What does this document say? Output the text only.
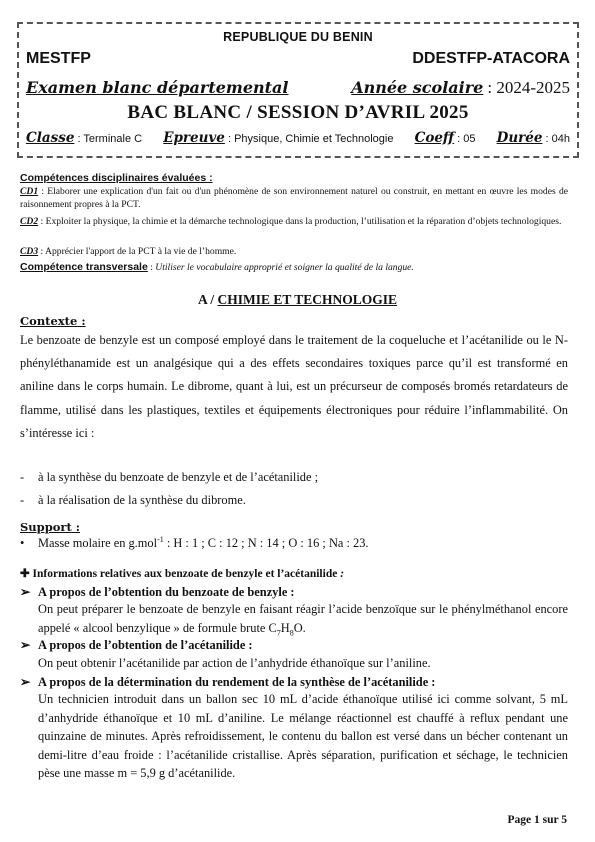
REPUBLIQUE DU BENIN
MESTFP	DDESTFP-ATACORA
Examen blanc départemental	Année scolaire : 2024-2025
BAC BLANC / SESSION D’AVRIL 2025
Classe : Terminale C Epreuve : Physique, Chimie et Technologie Coeff : 05 Durée : 04h
Compétences disciplinaires évaluées :
CD1 : Elaborer une explication d'un fait ou d'un phénomène de son environnement naturel ou construit, en mettant en œuvre les modes de raisonnement propres à la PCT.
CD2 : Exploiter la physique, la chimie et la démarche technologique dans la production, l’utilisation et la réparation d’objets technologiques.
CD3 : Apprécier l'apport de la PCT à la vie de l’homme.
Compétence transversale : Utiliser le vocabulaire approprié et soigner la qualité de la langue.
A / CHIMIE ET TECHNOLOGIE
Contexte :
Le benzoate de benzyle est un composé employé dans le traitement de la coqueluche et l’acétanilide ou le N-phényléthanamide est un analgésique qui a des effets secondaires toxiques parce qu’il est transformé en aniline dans le corps humain. Le dibrome, quant à lui, est un précurseur de composés bromés retardateurs de flamme, utilisé dans les plastiques, textiles et équipements électroniques pour réduire l’inflammabilité. On s’intéresse ici :
- à la synthèse du benzoate de benzyle et de l’acétanilide ;
- à la réalisation de la synthèse du dibrome.
Support :
• Masse molaire en g.mol$^{-1}$ : H : 1 ; C : 12 ; N : 14 ; O : 16 ; Na : 23.
✚ Informations relatives aux benzoate de benzyle et l’acétanilide :
➢ A propos de l’obtention du benzoate de benzyle :
On peut préparer le benzoate de benzyle en faisant réagir l’acide benzoïque sur le phénylméthanol encore appelé « alcool benzylique » de formule brute $C_7H_8O$.
➢ A propos de l’obtention de l’acétanilide :
On peut obtenir l’acétanilide par action de l’anhydride éthanoïque sur l’aniline.
➢ A propos de la détermination du rendement de la synthèse de l’acétanilide :
Un technicien introduit dans un ballon sec 10 mL d’acide éthanoïque utilisé ici comme solvant, 5 mL d’anhydride éthanoïque et 10 mL d’aniline. Le mélange réactionnel est chauffé à reflux pendant une quinzaine de minutes. Après refroidissement, le contenu du ballon est versé dans un bécher contenant un demi-litre d’eau froide : l’acétanilide cristallise. Après séparation, purification et séchage, le technicien pèse une masse m = 5,9 g d’acétanilide.
Page 1 sur 5
